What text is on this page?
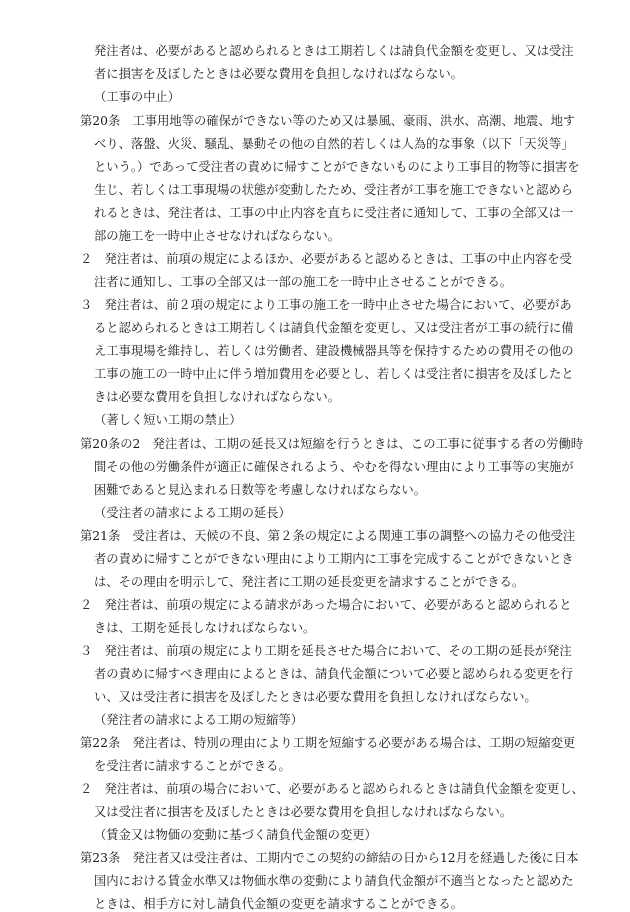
発注者は、必要があると認められるときは工期若しくは請負代金額を変更し、又は受注
者に損害を及ぼしたときは必要な費用を負担しなければならない。
（工事の中止）
第20条　工事用地等の確保ができない等のため又は暴風、豪雨、洪水、高潮、地震、地す
べり、落盤、火災、騒乱、暴動その他の自然的若しくは人為的な事象（以下「天災等」
という。）であって受注者の責めに帰すことができないものにより工事目的物等に損害を
生じ、若しくは工事現場の状態が変動したため、受注者が工事を施工できないと認めら
れるときは、発注者は、工事の中止内容を直ちに受注者に通知して、工事の全部又は一
部の施工を一時中止させなければならない。
２　発注者は、前項の規定によるほか、必要があると認めるときは、工事の中止内容を受
注者に通知し、工事の全部又は一部の施工を一時中止させることができる。
３　発注者は、前２項の規定により工事の施工を一時中止させた場合において、必要があ
ると認められるときは工期若しくは請負代金額を変更し、又は受注者が工事の続行に備
え工事現場を維持し、若しくは労働者、建設機械器具等を保持するための費用その他の
工事の施工の一時中止に伴う増加費用を必要とし、若しくは受注者に損害を及ぼしたと
きは必要な費用を負担しなければならない。
（著しく短い工期の禁止）
第20条の2　発注者は、工期の延長又は短縮を行うときは、この工事に従事する者の労働時
間その他の労働条件が適正に確保されるよう、やむを得ない理由により工事等の実施が
困難であると見込まれる日数等を考慮しなければならない。
（受注者の請求による工期の延長）
第21条　受注者は、天候の不良、第２条の規定による関連工事の調整への協力その他受注
者の責めに帰すことができない理由により工期内に工事を完成することができないとき
は、その理由を明示して、発注者に工期の延長変更を請求することができる。
２　発注者は、前項の規定による請求があった場合において、必要があると認められると
きは、工期を延長しなければならない。
３　発注者は、前項の規定により工期を延長させた場合において、その工期の延長が発注
者の責めに帰すべき理由によるときは、請負代金額について必要と認められる変更を行
い、又は受注者に損害を及ぼしたときは必要な費用を負担しなければならない。
（発注者の請求による工期の短縮等）
第22条　発注者は、特別の理由により工期を短縮する必要がある場合は、工期の短縮変更
を受注者に請求することができる。
２　発注者は、前項の場合において、必要があると認められるときは請負代金額を変更し、
又は受注者に損害を及ぼしたときは必要な費用を負担しなければならない。
（賃金又は物価の変動に基づく請負代金額の変更）
第23条　発注者又は受注者は、工期内でこの契約の締結の日から12月を経過した後に日本
国内における賃金水準又は物価水準の変動により請負代金額が不適当となったと認めた
ときは、相手方に対し請負代金額の変更を請求することができる。
